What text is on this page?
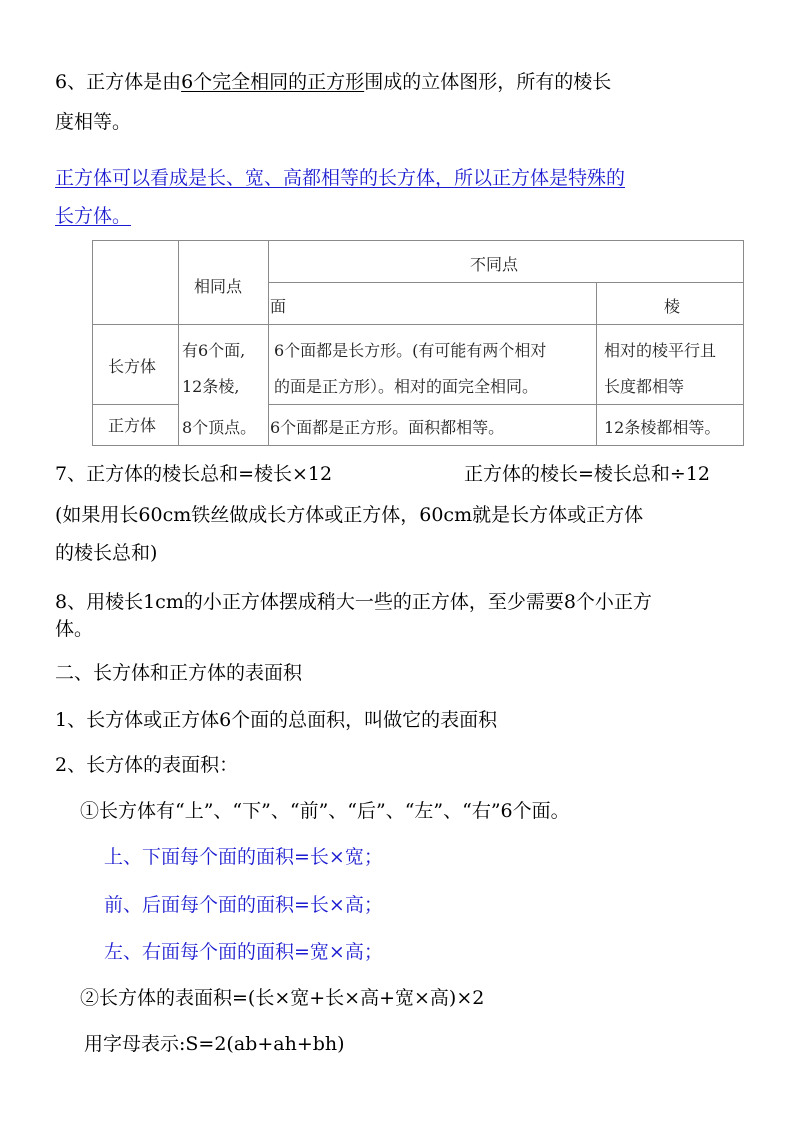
6、正方体是由6个完全相同的正方形围成的立体图形，所有的棱长
度相等。
正方体可以看成是长、宽、高都相等的长方体，所以正方体是特殊的
长方体。
相同点
不同点
面	棱
长方体
正方体
有6个面,
12条棱,
8个顶点。
6个面都是长方形。(有可能有两个相对
的面是正方形）。相对的面完全相同。
6个面都是正方形。面积都相等。
相对的棱平行且
长度都相等
12条棱都相等。
7、正方体的棱长总和=棱长×12	正方体的棱长=棱长总和÷12
(如果用长60cm铁丝做成长方体或正方体，60cm就是长方体或正方体
的棱长总和)
8、用棱长1cm的小正方体摆成稍大一些的正方体，至少需要8个小正方
体。
二、长方体和正方体的表面积
1、长方体或正方体6个面的总面积，叫做它的表面积
2、长方体的表面积：
①长方体有“上”、“下”、“前”、“后”、“左”、“右”6个面。
上、下面每个面的面积=长×宽；
前、后面每个面的面积=长×高；
左、右面每个面的面积=宽×高；
②长方体的表面积=(长×宽+长×高+宽×高)×2
用字母表示:S=2(ab+ah+bh)
